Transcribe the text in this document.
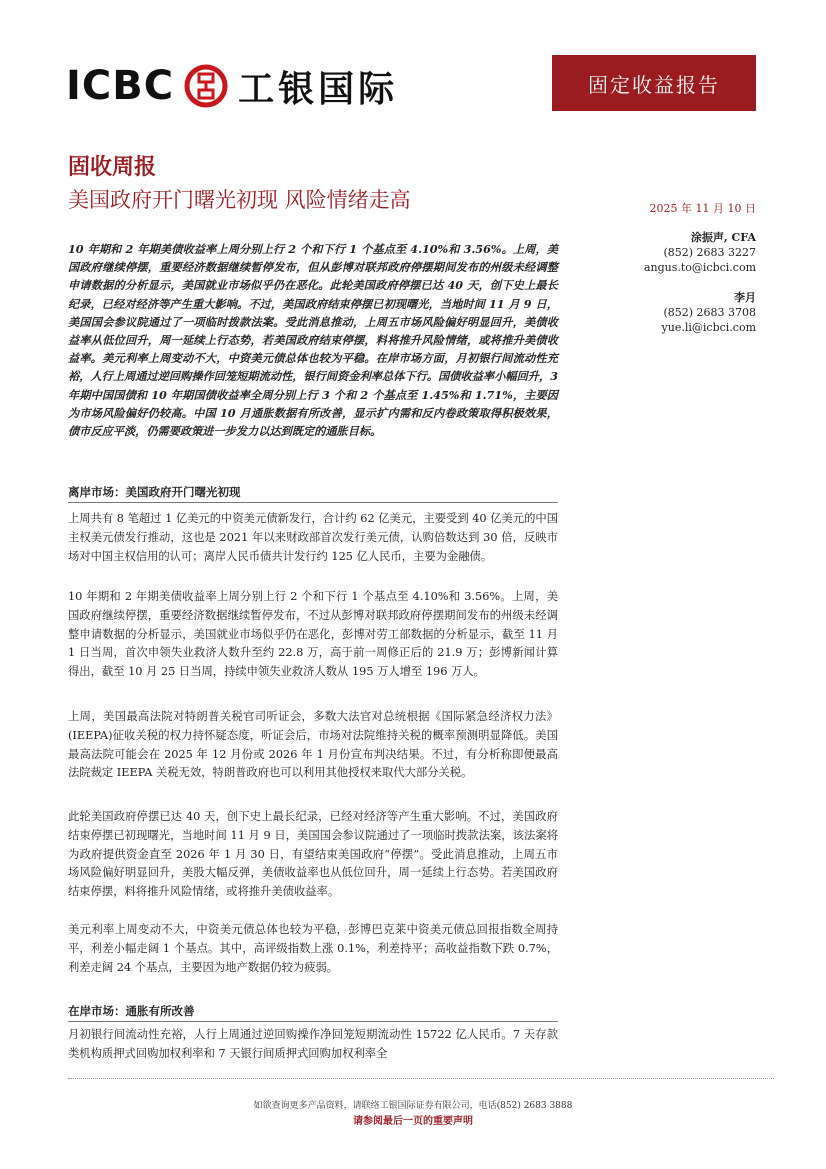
ICBC 工银国际	固定收益报告
固收周报
美国政府开门曙光初现 风险情绪走高	2025 年 11 月 10 日
涂振声, CFA
(852) 2683 3227
angus.to@icbci.com
李月
(852) 2683 3708
yue.li@icbci.com
10 年期和 2 年期美债收益率上周分别上行 2 个和下行 1 个基点至 4.10%和 3.56%。上周，美国政府继续停摆，重要经济数据继续暂停发布，但从彭博对联邦政府停摆期间发布的州级未经调整申请数据的分析显示，美国就业市场似乎仍在恶化。此轮美国政府停摆已达 40 天，创下史上最长纪录，已经对经济等产生重大影响。不过，美国政府结束停摆已初现曙光，当地时间 11 月 9 日，美国国会参议院通过了一项临时拨款法案。受此消息推动，上周五市场风险偏好明显回升，美债收益率从低位回升，周一延续上行态势，若美国政府结束停摆，料将推升风险情绪，或将推升美债收益率。美元利率上周变动不大，中资美元债总体也较为平稳。在岸市场方面，月初银行间流动性充裕，人行上周通过逆回购操作回笼短期流动性，银行间资金利率总体下行。国债收益率小幅回升，3 年期中国国债和 10 年期国债收益率全周分别上行 3 个和 2 个基点至 1.45%和 1.71%，主要因为市场风险偏好仍较高。中国 10 月通胀数据有所改善，显示扩内需和反内卷政策取得积极效果，债市反应平淡，仍需要政策进一步发力以达到既定的通胀目标。
离岸市场：美国政府开门曙光初现
上周共有 8 笔超过 1 亿美元的中资美元债新发行，合计约 62 亿美元，主要受到 40 亿美元的中国主权美元债发行推动，这也是 2021 年以来财政部首次发行美元债，认购倍数达到 30 倍，反映市场对中国主权信用的认可；离岸人民币债共计发行约 125 亿人民币，主要为金融债。
10 年期和 2 年期美债收益率上周分别上行 2 个和下行 1 个基点至 4.10%和 3.56%。上周，美国政府继续停摆，重要经济数据继续暂停发布，不过从彭博对联邦政府停摆期间发布的州级未经调整申请数据的分析显示，美国就业市场似乎仍在恶化，彭博对劳工部数据的分析显示，截至 11 月 1 日当周，首次申领失业救济人数升至约 22.8 万，高于前一周修正后的 21.9 万；彭博新闻计算得出，截至 10 月 25 日当周，持续申领失业救济人数从 195 万人增至 196 万人。
上周，美国最高法院对特朗普关税官司听证会，多数大法官对总统根据《国际紧急经济权力法》(IEEPA)征收关税的权力持怀疑态度，听证会后，市场对法院维持关税的概率预测明显降低。美国最高法院可能会在 2025 年 12 月份或 2026 年 1 月份宣布判决结果。不过，有分析称即便最高法院裁定 IEEPA 关税无效，特朗普政府也可以利用其他授权来取代大部分关税。
此轮美国政府停摆已达 40 天，创下史上最长纪录，已经对经济等产生重大影响。不过，美国政府结束停摆已初现曙光，当地时间 11 月 9 日，美国国会参议院通过了一项临时拨款法案，该法案将为政府提供资金直至 2026 年 1 月 30 日，有望结束美国政府“停摆”。受此消息推动，上周五市场风险偏好明显回升，美股大幅反弹，美债收益率也从低位回升，周一延续上行态势。若美国政府结束停摆，料将推升风险情绪，或将推升美债收益率。
美元利率上周变动不大，中资美元债总体也较为平稳，彭博巴克莱中资美元债总回报指数全周持平，利差小幅走阔 1 个基点。其中，高评级指数上涨 0.1%，利差持平；高收益指数下跌 0.7%，利差走阔 24 个基点，主要因为地产数据仍较为疲弱。
在岸市场：通胀有所改善
月初银行间流动性充裕，人行上周通过逆回购操作净回笼短期流动性 15722 亿人民币。7 天存款类机构质押式回购加权利率和 7 天银行间质押式回购加权利率全
如欲查询更多产品资料，请联络工银国际证券有限公司，电话(852) 2683 3888
请参阅最后一页的重要声明
